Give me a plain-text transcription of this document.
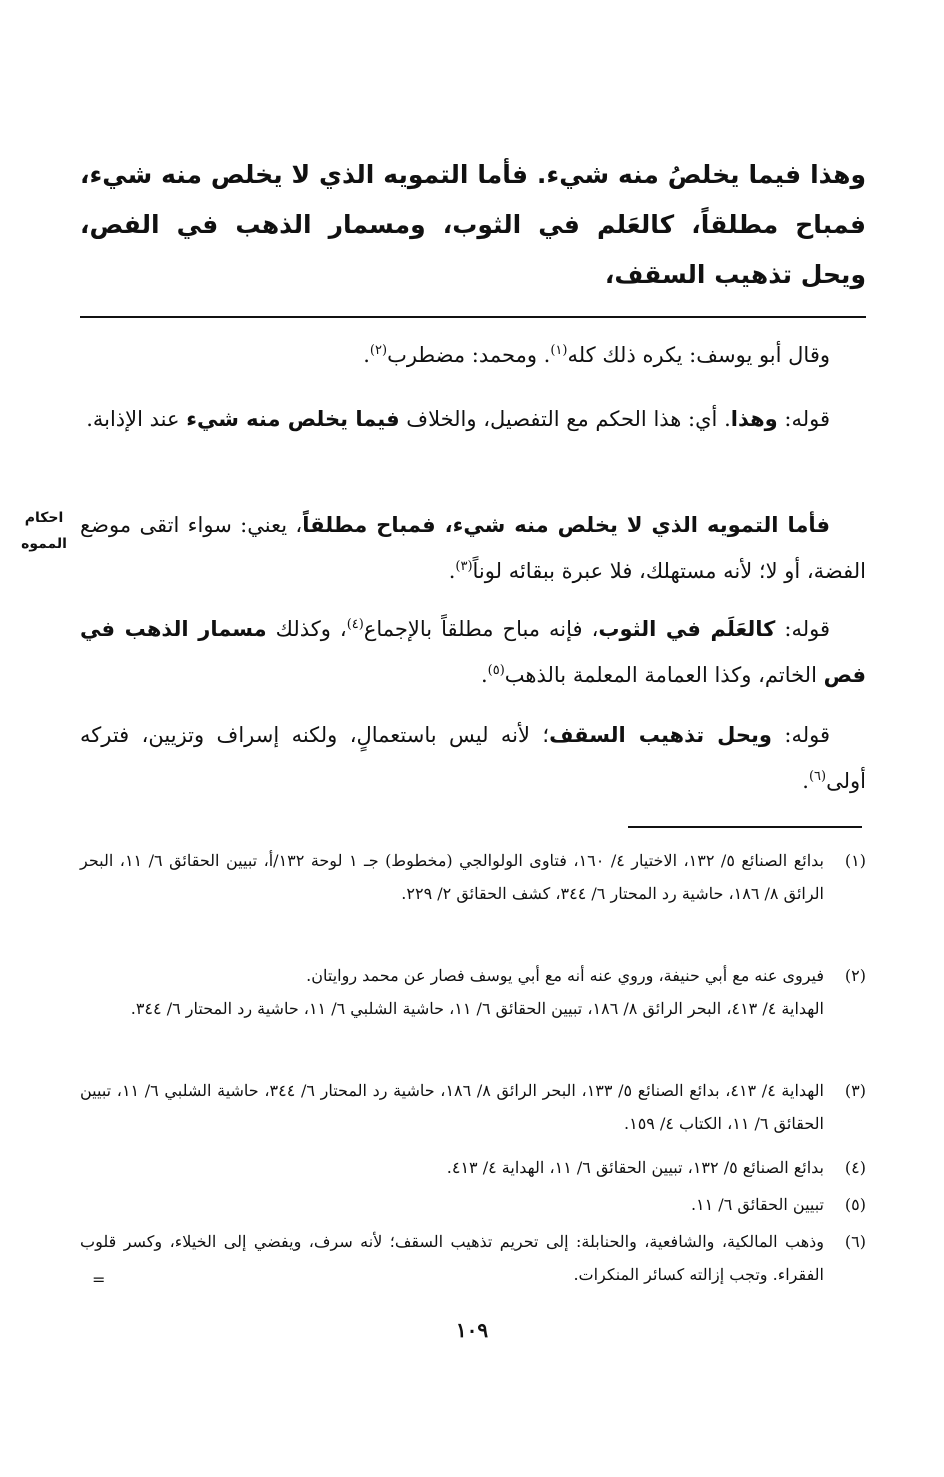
وهذا فيما يخلصُ منه شيء. فأما التمويه الذي لا يخلص منه شيء، فمباح مطلقاً، كالعَلم في الثوب، ومسمار الذهب في الفص، ويحل تذهيب السقف،
وقال أبو يوسف: يكره ذلك كله$^{(١)}$. ومحمد: مضطرب$^{(٢)}$.
قوله: وهذا. أي: هذا الحكم مع التفصيل، والخلاف فيما يخلص منه شيء عند الإذابة.
احكام
المموه
فأما التمويه الذي لا يخلص منه شيء، فمباح مطلقاً، يعني: سواء اتقى موضع الفضة، أو لا؛ لأنه مستهلك، فلا عبرة ببقائه لوناً$^{(٣)}$.
قوله: كالعَلَم في الثوب، فإنه مباح مطلقاً بالإجماع$^{(٤)}$، وكذلك مسمار الذهب في فص الخاتم، وكذا العمامة المعلمة بالذهب$^{(٥)}$.
قوله: ويحل تذهيب السقف؛ لأنه ليس باستعمالٍ، ولكنه إسراف وتزيين، فتركه أولى$^{(٦)}$.
(١)
بدائع الصنائع ٥/ ١٣٢، الاختيار ٤/ ١٦٠، فتاوى الولوالجي (مخطوط) جـ ١ لوحة ١٣٢/أ، تبيين الحقائق ٦/ ١١، البحر الرائق ٨/ ١٨٦، حاشية رد المحتار ٦/ ٣٤٤، كشف الحقائق ٢/ ٢٢٩.
(٢)
فيروى عنه مع أبي حنيفة، وروي عنه أنه مع أبي يوسف فصار عن محمد روايتان.
الهداية ٤/ ٤١٣، البحر الرائق ٨/ ١٨٦، تبيين الحقائق ٦/ ١١، حاشية الشلبي ٦/ ١١، حاشية رد المحتار ٦/ ٣٤٤.
(٣)
الهداية ٤/ ٤١٣، بدائع الصنائع ٥/ ١٣٣، البحر الرائق ٨/ ١٨٦، حاشية رد المحتار ٦/ ٣٤٤، حاشية الشلبي ٦/ ١١، تبيين الحقائق ٦/ ١١، الكتاب ٤/ ١٥٩.
(٤)
بدائع الصنائع ٥/ ١٣٢، تبيين الحقائق ٦/ ١١، الهداية ٤/ ٤١٣.
(٥)
تبيين الحقائق ٦/ ١١.
(٦)
وذهب المالكية، والشافعية، والحنابلة: إلى تحريم تذهيب السقف؛ لأنه سرف، ويفضي إلى الخيلاء، وكسر قلوب الفقراء. وتجب إزالته كسائر المنكرات.
=
١٠٩
